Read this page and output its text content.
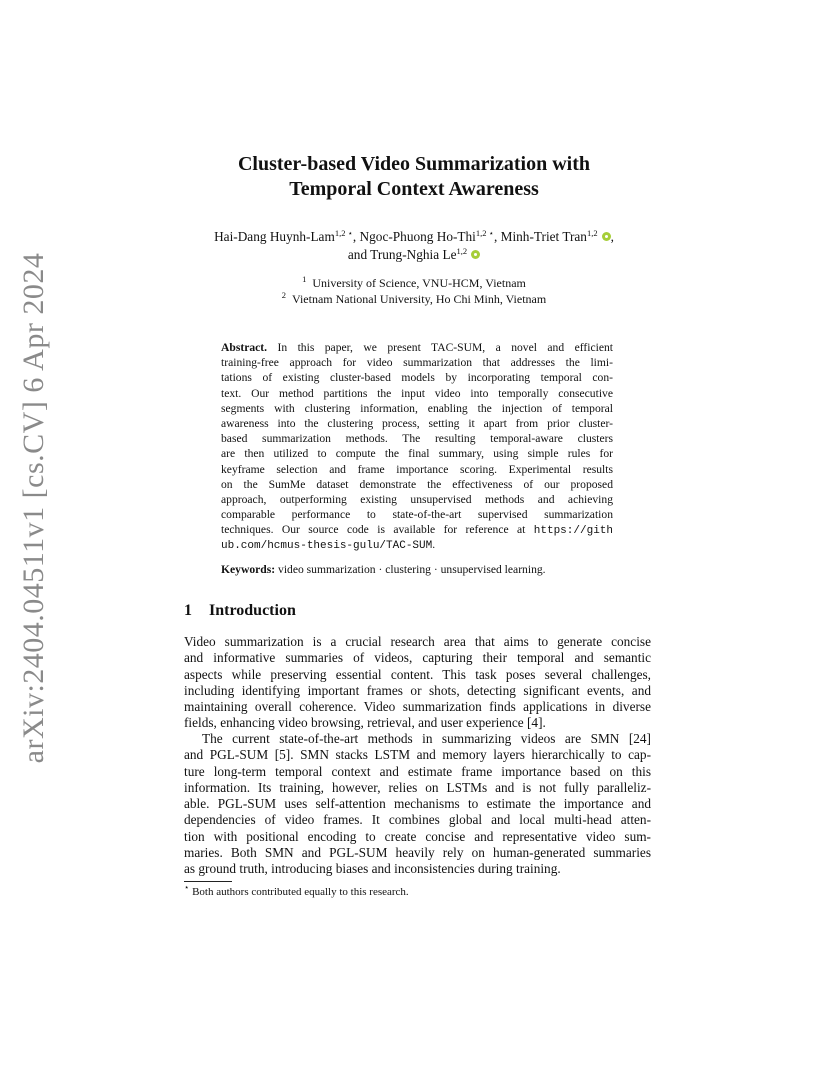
arXiv:2404.04511v1 [cs.CV] 6 Apr 2024
Cluster-based Video Summarization with
Temporal Context Awareness
Hai-Dang Huynh-Lam$^{1,2}$ ⋆, Ngoc-Phuong Ho-Thi$^{1,2}$ ⋆, Minh-Triet Tran$^{1,2}$ ,
and Trung-Nghia Le$^{1,2}$
$^1$ University of Science, VNU-HCM, Vietnam
$^2$ Vietnam National University, Ho Chi Minh, Vietnam
Abstract. In this paper, we present TAC-SUM, a novel and efficient
training-free approach for video summarization that addresses the limi-
tations of existing cluster-based models by incorporating temporal con-
text. Our method partitions the input video into temporally consecutive
segments with clustering information, enabling the injection of temporal
awareness into the clustering process, setting it apart from prior cluster-
based summarization methods. The resulting temporal-aware clusters
are then utilized to compute the final summary, using simple rules for
keyframe selection and frame importance scoring. Experimental results
on the SumMe dataset demonstrate the effectiveness of our proposed
approach, outperforming existing unsupervised methods and achieving
comparable performance to state-of-the-art supervised summarization
techniques. Our source code is available for reference at https://gith
ub.com/hcmus-thesis-gulu/TAC-SUM.
Keywords: video summarization · clustering · unsupervised learning.
1 Introduction
Video summarization is a crucial research area that aims to generate concise
and informative summaries of videos, capturing their temporal and semantic
aspects while preserving essential content. This task poses several challenges,
including identifying important frames or shots, detecting significant events, and
maintaining overall coherence. Video summarization finds applications in diverse
fields, enhancing video browsing, retrieval, and user experience [4].
The current state-of-the-art methods in summarizing videos are SMN [24]
and PGL-SUM [5]. SMN stacks LSTM and memory layers hierarchically to cap-
ture long-term temporal context and estimate frame importance based on this
information. Its training, however, relies on LSTMs and is not fully paralleliz-
able. PGL-SUM uses self-attention mechanisms to estimate the importance and
dependencies of video frames. It combines global and local multi-head atten-
tion with positional encoding to create concise and representative video sum-
maries. Both SMN and PGL-SUM heavily rely on human-generated summaries
as ground truth, introducing biases and inconsistencies during training.
⋆ Both authors contributed equally to this research.
